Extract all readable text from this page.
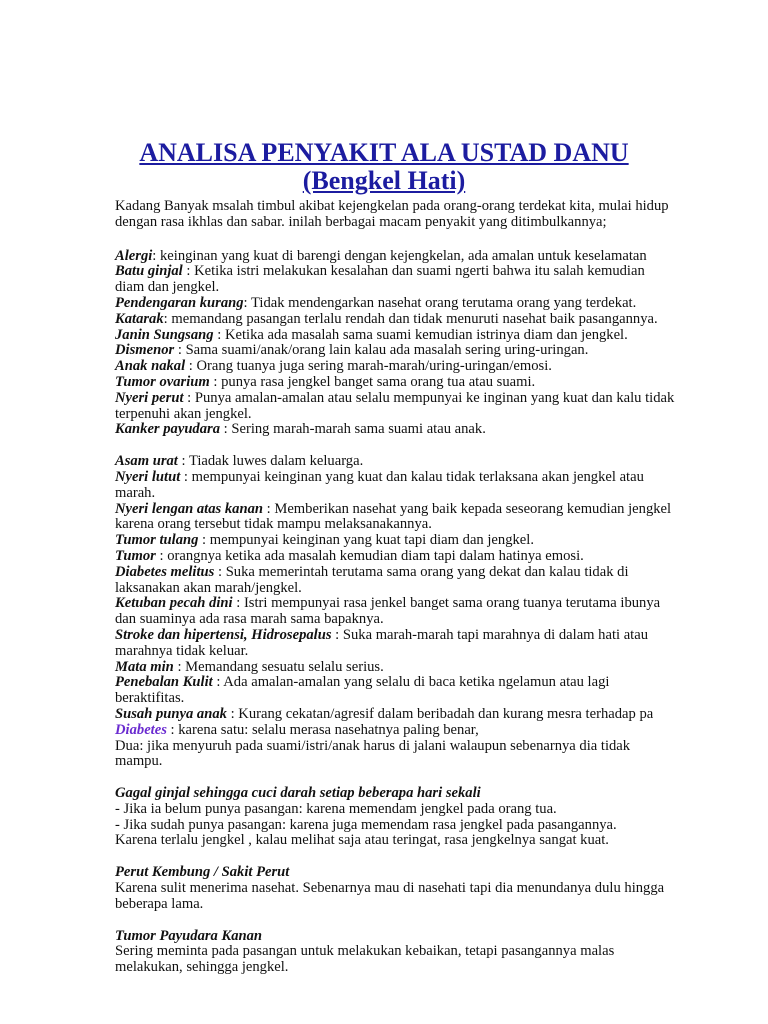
ANALISA PENYAKIT ALA USTAD DANU
(Bengkel Hati)
Kadang Banyak msalah timbul akibat kejengkelan pada orang-orang terdekat kita, mulai hidup dengan rasa ikhlas dan sabar. inilah berbagai macam penyakit yang ditimbulkannya;
Alergi: keinginan yang kuat di barengi dengan kejengkelan, ada amalan untuk keselamatan
Batu ginjal : Ketika istri melakukan kesalahan dan suami ngerti bahwa itu salah kemudian diam dan jengkel.
Pendengaran kurang: Tidak mendengarkan nasehat orang terutama orang yang terdekat.
Katarak: memandang pasangan terlalu rendah dan tidak menuruti nasehat baik pasangannya.
Janin Sungsang : Ketika ada masalah sama suami kemudian istrinya diam dan jengkel.
Dismenor : Sama suami/anak/orang lain kalau ada masalah sering uring-uringan.
Anak nakal : Orang tuanya juga sering marah-marah/uring-uringan/emosi.
Tumor ovarium : punya rasa jengkel banget sama orang tua atau suami.
Nyeri perut : Punya amalan-amalan atau selalu mempunyai ke inginan yang kuat dan kalu tidak terpenuhi akan jengkel.
Kanker payudara : Sering marah-marah sama suami atau anak.
Asam urat : Tiadak luwes dalam keluarga.
Nyeri lutut : mempunyai keinginan yang kuat dan kalau tidak terlaksana akan jengkel atau marah.
Nyeri lengan atas kanan : Memberikan nasehat yang baik kepada seseorang kemudian jengkel karena orang tersebut tidak mampu melaksanakannya.
Tumor tulang : mempunyai keinginan yang kuat tapi diam dan jengkel.
Tumor : orangnya ketika ada masalah kemudian diam tapi dalam hatinya emosi.
Diabetes melitus : Suka memerintah terutama sama orang yang dekat dan kalau tidak di laksanakan akan marah/jengkel.
Ketuban pecah dini : Istri mempunyai rasa jenkel banget sama orang tuanya terutama ibunya dan suaminya ada rasa marah sama bapaknya.
Stroke dan hipertensi, Hidrosepalus : Suka marah-marah tapi marahnya di dalam hati atau marahnya tidak keluar.
Mata min : Memandang sesuatu selalu serius.
Penebalan Kulit : Ada amalan-amalan yang selalu di baca ketika ngelamun atau lagi beraktifitas.
Susah punya anak : Kurang cekatan/agresif dalam beribadah dan kurang mesra terhadap pa
Diabetes : karena satu: selalu merasa nasehatnya paling benar,
Dua: jika menyuruh pada suami/istri/anak harus di jalani walaupun sebenarnya dia tidak mampu.
Gagal ginjal sehingga cuci darah setiap beberapa hari sekali
- Jika ia belum punya pasangan: karena memendam jengkel pada orang tua.
- Jika sudah punya pasangan: karena juga memendam rasa jengkel pada pasangannya.
Karena terlalu jengkel , kalau melihat saja atau teringat, rasa jengkelnya sangat kuat.
Perut Kembung / Sakit Perut
Karena sulit menerima nasehat. Sebenarnya mau di nasehati tapi dia menundanya dulu hingga beberapa lama.
Tumor Payudara Kanan
Sering meminta pada pasangan untuk melakukan kebaikan, tetapi pasangannya malas melakukan, sehingga jengkel.
